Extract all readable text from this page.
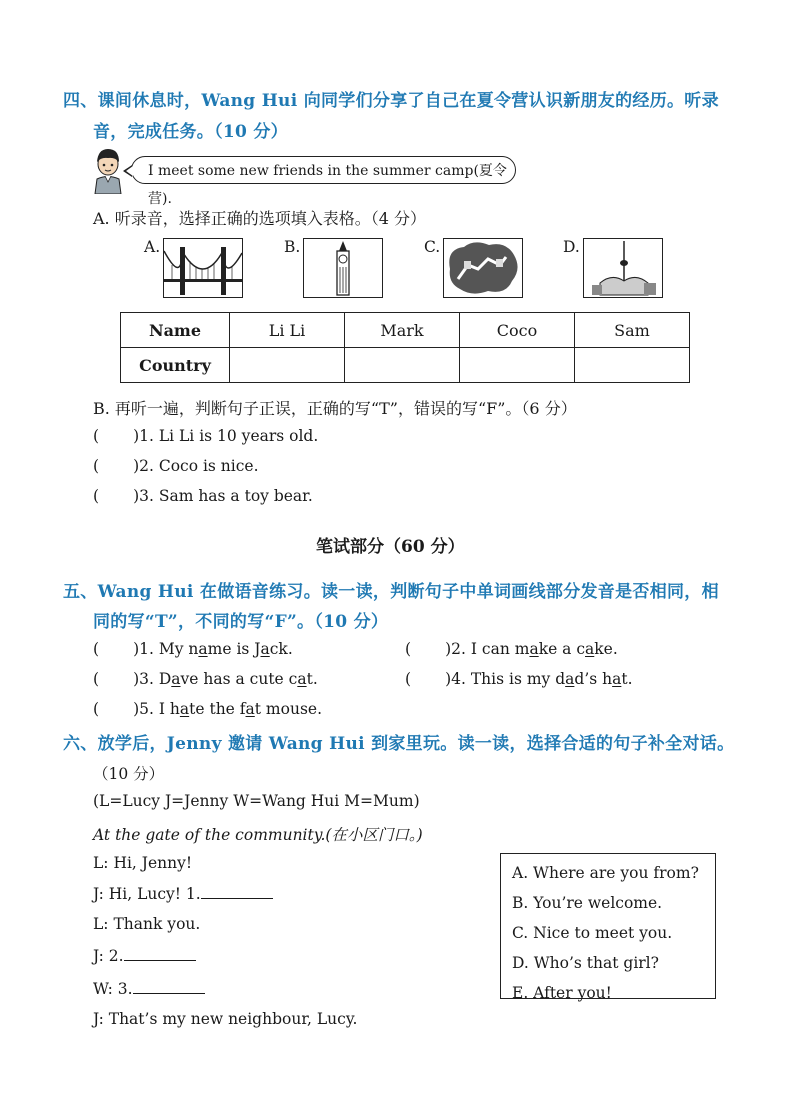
四、课间休息时，Wang Hui 向同学们分享了自己在夏令营认识新朋友的经历。听录
音，完成任务。（10 分）
I meet some new friends in the summer camp(夏令营).
A. 听录音，选择正确的选项填入表格。（4 分）
A.	B.	C.	D.
Name	Li Li	Mark	Coco	Sam
Country				
B. 再听一遍，判断句子正误，正确的写“T”，错误的写“F”。（6 分）
( )1. Li Li is 10 years old.
( )2. Coco is nice.
( )3. Sam has a toy bear.
笔试部分（60 分）
五、Wang Hui 在做语音练习。读一读，判断句子中单词画线部分发音是否相同，相
同的写“T”，不同的写“F”。（10 分）
( )1. My name is Jack.	( )2. I can make a cake.
( )3. Dave has a cute cat.	( )4. This is my dad’s hat.
( )5. I hate the fat mouse.
六、放学后，Jenny 邀请 Wang Hui 到家里玩。读一读，选择合适的句子补全对话。
（10 分）
(L=Lucy J=Jenny W=Wang Hui M=Mum)
At the gate of the community.(在小区门口。)
L: Hi, Jenny!
J: Hi, Lucy! 1.
L: Thank you.
J: 2.
W: 3.
J: That’s my new neighbour, Lucy.
A. Where are you from?
B. You’re welcome.
C. Nice to meet you.
D. Who’s that girl?
E. After you!
